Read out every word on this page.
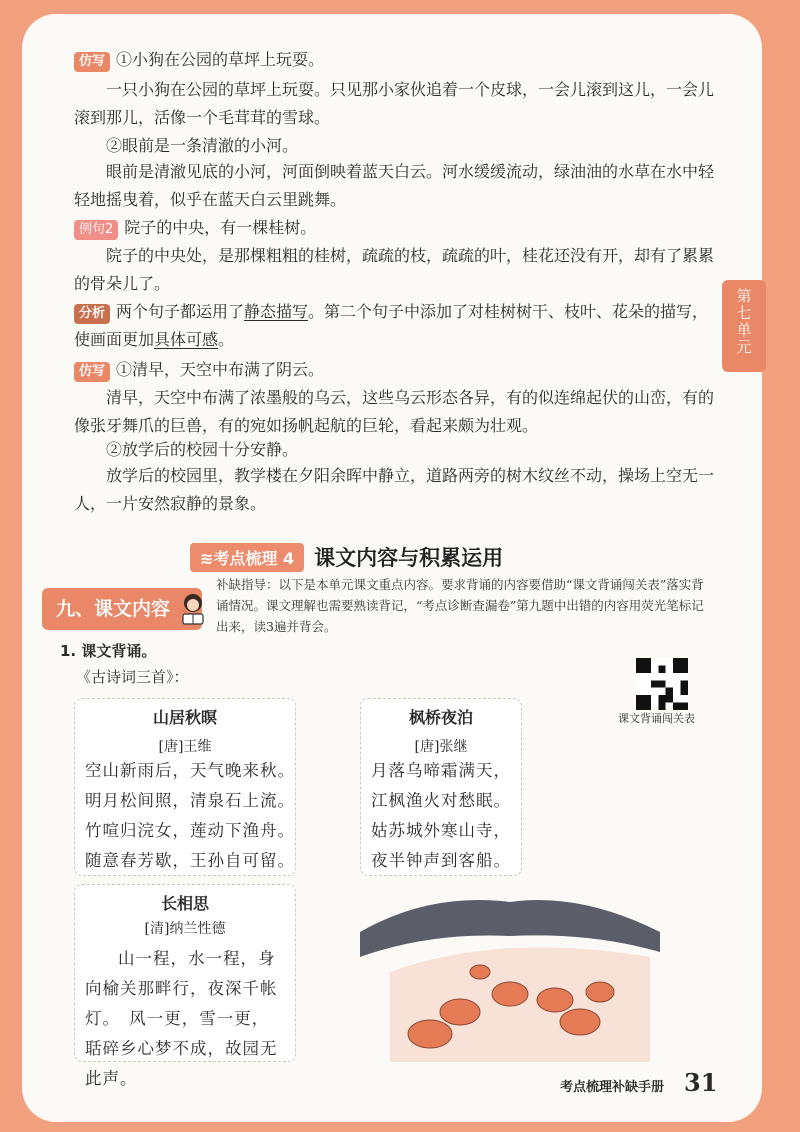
第
七
单
元
仿写 ①小狗在公园的草坪上玩耍。
一只小狗在公园的草坪上玩耍。只见那小家伙追着一个皮球，一会儿滚到这儿，一会儿滚到那儿，活像一个毛茸茸的雪球。
②眼前是一条清澈的小河。
眼前是清澈见底的小河，河面倒映着蓝天白云。河水缓缓流动，绿油油的水草在水中轻轻地摇曳着，似乎在蓝天白云里跳舞。
例句2 院子的中央，有一棵桂树。
院子的中央处，是那棵粗粗的桂树，疏疏的枝，疏疏的叶，桂花还没有开，却有了累累的骨朵儿了。
分析 两个句子都运用了静态描写。第二个句子中添加了对桂树树干、枝叶、花朵的描写，使画面更加具体可感。
仿写 ①清早，天空中布满了阴云。
清早，天空中布满了浓墨般的乌云，这些乌云形态各异，有的似连绵起伏的山峦，有的像张牙舞爪的巨兽，有的宛如扬帆起航的巨轮，看起来颇为壮观。
②放学后的校园十分安静。
放学后的校园里，教学楼在夕阳余晖中静立，道路两旁的树木纹丝不动，操场上空无一人，一片安然寂静的景象。
≋考点梳理 4 课文内容与积累运用
九、课文内容
补缺指导：以下是本单元课文重点内容。要求背诵的内容要借助“课文背诵闯关表”落实背诵情况。课文理解也需要熟读背记，“考点诊断查漏卷”第九题中出错的内容用荧光笔标记出来，读3遍并背会。
1. 课文背诵。
《古诗词三首》：
课文背诵闯关表
山居秋暝
[唐]王维
空山新雨后，天气晚来秋。
明月松间照，清泉石上流。
竹喧归浣女，莲动下渔舟。
随意春芳歇，王孙自可留。
枫桥夜泊
[唐]张继
月落乌啼霜满天，
江枫渔火对愁眠。
姑苏城外寒山寺，
夜半钟声到客船。
长相思
[清]纳兰性德
山一程，水一程，身向榆关那畔行，夜深千帐灯。　风一更，雪一更，聒碎乡心梦不成，故园无此声。	考点梳理补缺手册 31
